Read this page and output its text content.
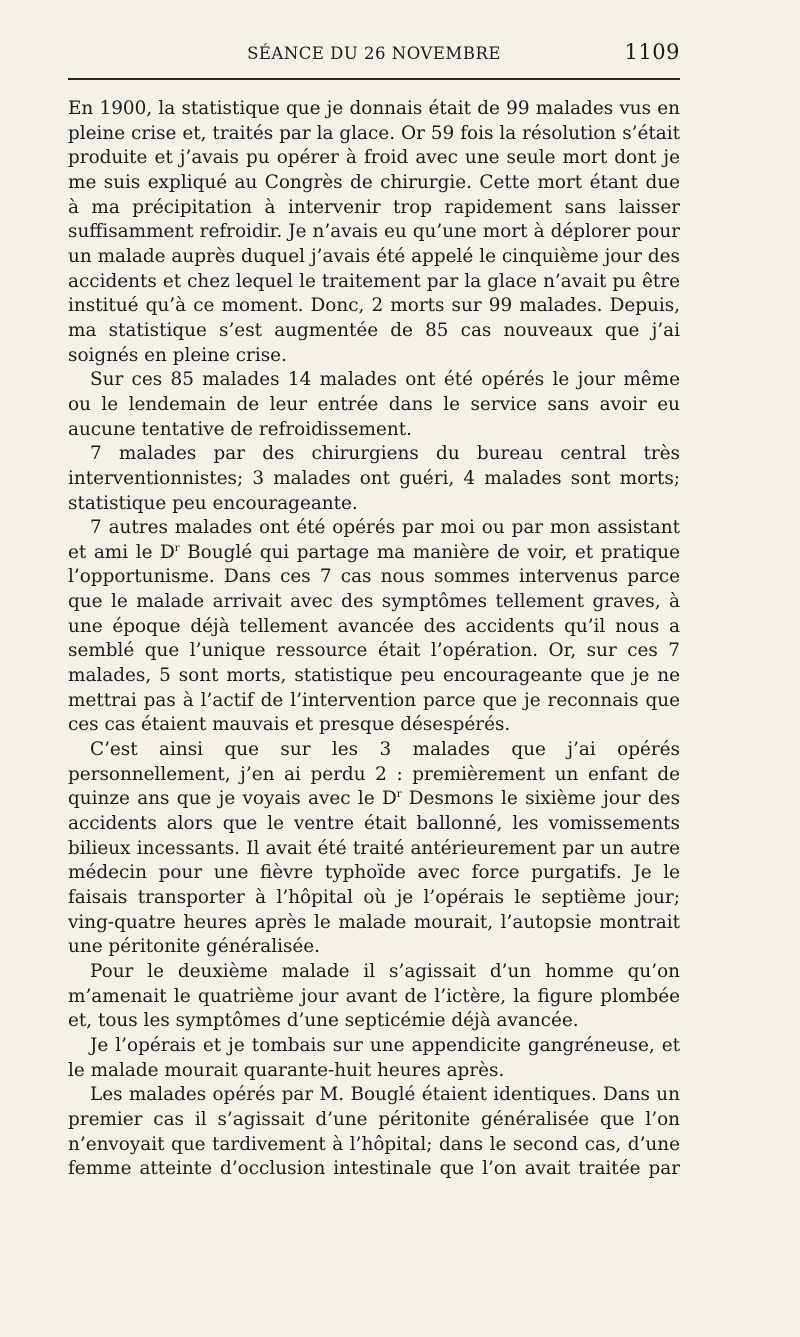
SÉANCE DU 26 NOVEMBRE	1109

En 1900, la statistique que je donnais était de 99 malades vus en pleine crise et, traités par la glace. Or 59 fois la résolution s’était produite et j’avais pu opérer à froid avec une seule mort dont je me suis expliqué au Congrès de chirurgie. Cette mort étant due à ma précipitation à intervenir trop rapidement sans laisser suffisamment refroidir. Je n’avais eu qu’une mort à déplorer pour un malade auprès duquel j’avais été appelé le cinquième jour des accidents et chez lequel le traitement par la glace n’avait pu être institué qu’à ce moment. Donc, 2 morts sur 99 malades. Depuis, ma statistique s’est augmentée de 85 cas nouveaux que j’ai soignés en pleine crise.

Sur ces 85 malades 14 malades ont été opérés le jour même ou le lendemain de leur entrée dans le service sans avoir eu aucune tentative de refroidissement.

7 malades par des chirurgiens du bureau central très interventionnistes; 3 malades ont guéri, 4 malades sont morts; statistique peu encourageante.

7 autres malades ont été opérés par moi ou par mon assistant et ami le $D^r$ Bouglé qui partage ma manière de voir, et pratique l’opportunisme. Dans ces 7 cas nous sommes intervenus parce que le malade arrivait avec des symptômes tellement graves, à une époque déjà tellement avancée des accidents qu’il nous a semblé que l’unique ressource était l’opération. Or, sur ces 7 malades, 5 sont morts, statistique peu encourageante que je ne mettrai pas à l’actif de l’intervention parce que je reconnais que ces cas étaient mauvais et presque désespérés.

C’est ainsi que sur les 3 malades que j’ai opérés personnellement, j’en ai perdu 2 : premièrement un enfant de quinze ans que je voyais avec le $D^r$ Desmons le sixième jour des accidents alors que le ventre était ballonné, les vomissements bilieux incessants. Il avait été traité antérieurement par un autre médecin pour une fièvre typhoïde avec force purgatifs. Je le faisais transporter à l’hôpital où je l’opérais le septième jour; ving-quatre heures après le malade mourait, l’autopsie montrait une péritonite généralisée.

Pour le deuxième malade il s’agissait d’un homme qu’on m’amenait le quatrième jour avant de l’ictère, la figure plombée et, tous les symptômes d’une septicémie déjà avancée.

Je l’opérais et je tombais sur une appendicite gangréneuse, et le malade mourait quarante-huit heures après.

Les malades opérés par M. Bouglé étaient identiques. Dans un premier cas il s’agissait d’une péritonite généralisée que l’on n’envoyait que tardivement à l’hôpital; dans le second cas, d’une femme atteinte d’occlusion intestinale que l’on avait traitée par
